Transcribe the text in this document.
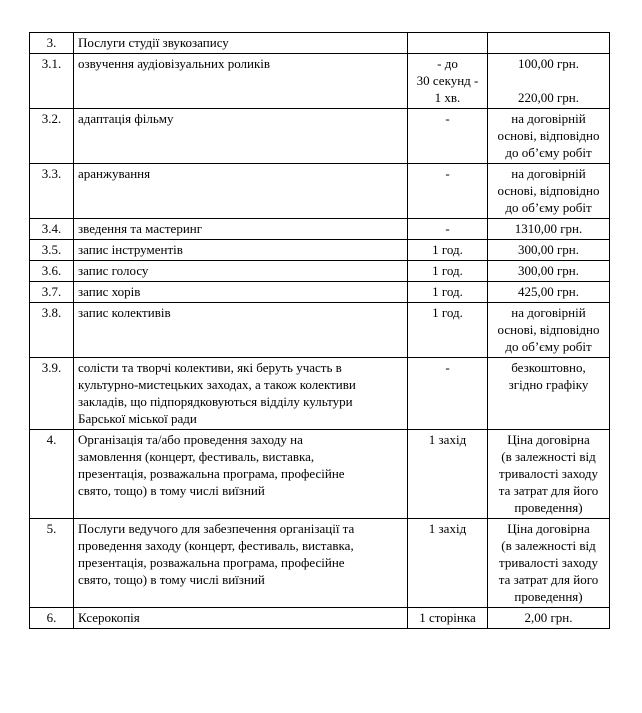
3.	Послуги студії звукозапису		
3.1.	озвучення аудіовізуальних роликів	- до
30 секунд -
1 хв.	100,00 грн.
220,00 грн.

3.2.	адаптація фільму	-	на договірній
основі, відповідно
до об’єму робіт

3.3.	аранжування	-	на договірній
основі, відповідно
до об’єму робіт

3.4.	зведення та мастеринг	-	1310,00 грн.
3.5.	запис інструментів	1 год.	300,00 грн.
3.6.	запис голосу	1 год.	300,00 грн.
3.7.	запис хорів	1 год.	425,00 грн.
3.8.	запис колективів	1 год.	на договірній
основі, відповідно
до об’єму робіт

3.9.	солісти та творчі колективи, які беруть участь в
культурно-мистецьких заходах, а також колективи
закладів, що підпорядковуються відділу культури
Барської міської ради	-	безкоштовно,
згідно графіку

4.	Організація та/або проведення заходу на
замовлення (концерт, фестиваль, виставка,
презентація, розважальна програма, професійне
свято, тощо) в тому числі виїзний	1 захід	Ціна договірна
(в залежності від
тривалості заходу
та затрат для його
проведення)

5.	Послуги ведучого для забезпечення організації та
проведення заходу (концерт, фестиваль, виставка,
презентація, розважальна програма, професійне
свято, тощо) в тому числі виїзний	1 захід	Ціна договірна
(в залежності від
тривалості заходу
та затрат для його
проведення)

6.	Ксерокопія	1 сторінка	2,00 грн.
